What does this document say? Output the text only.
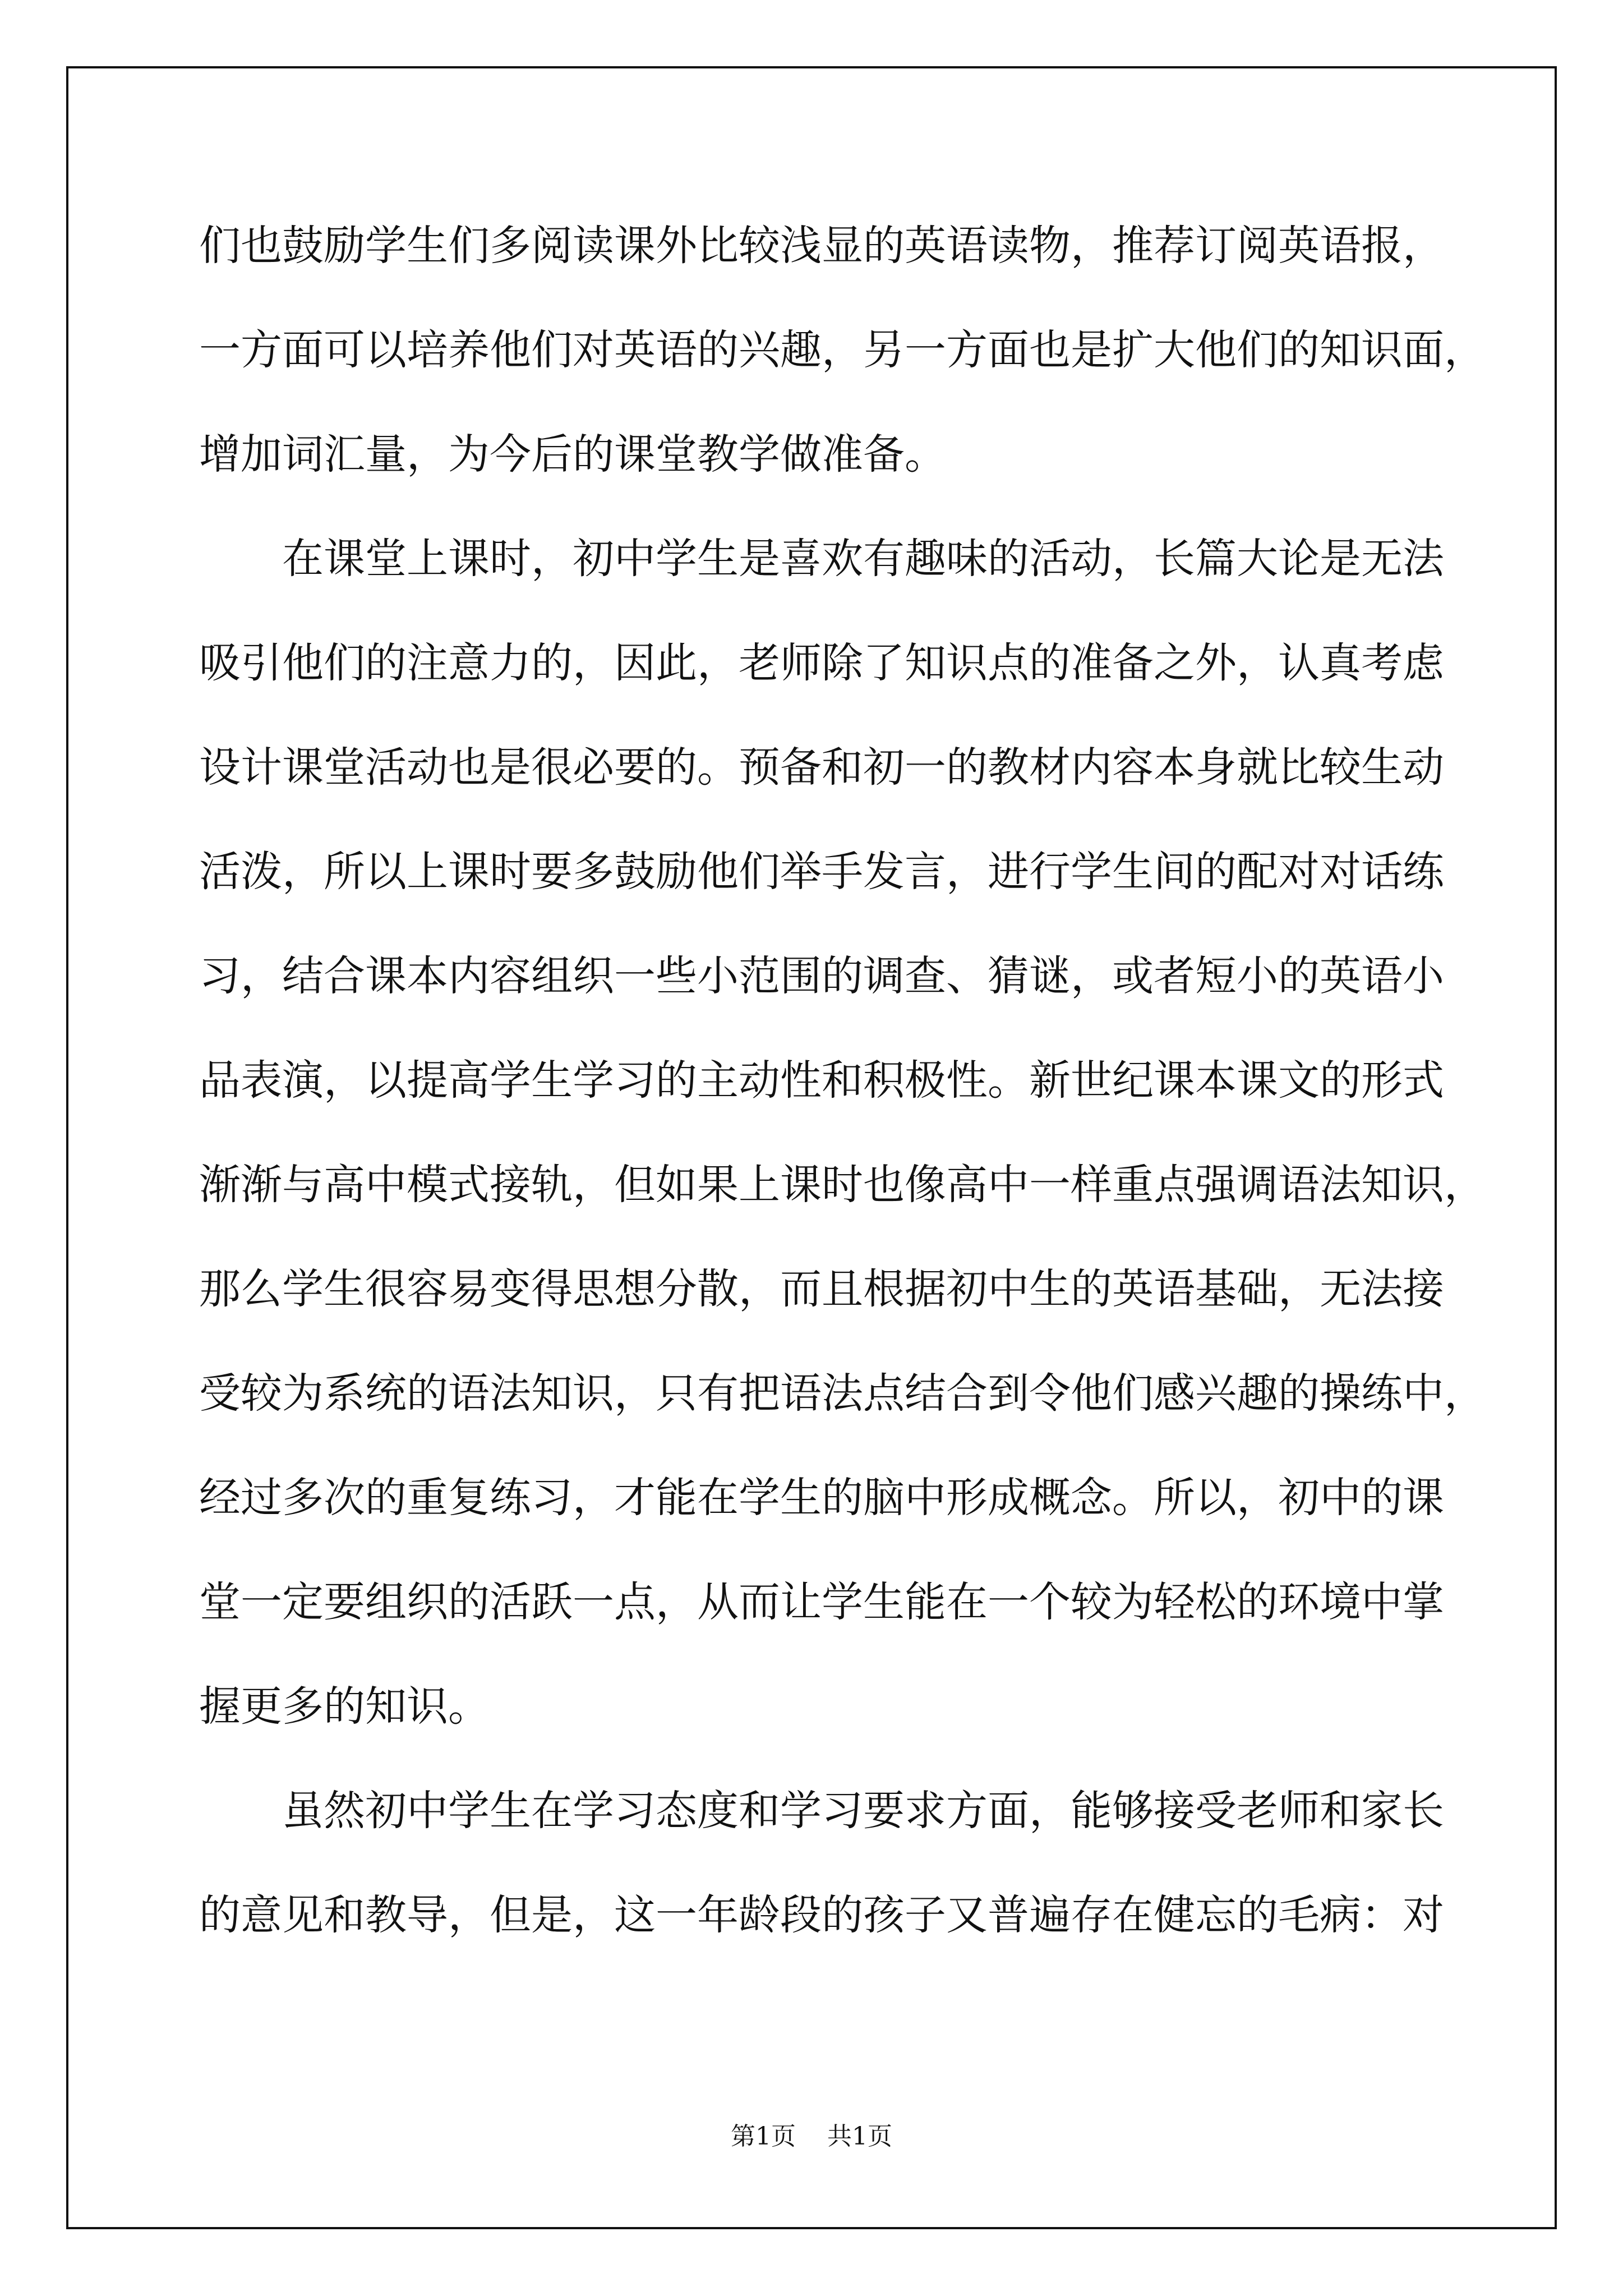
们也鼓励学生们多阅读课外比较浅显的英语读物，推荐订阅英语报，
一方面可以培养他们对英语的兴趣，另一方面也是扩大他们的知识面，
增加词汇量，为今后的课堂教学做准备。
在课堂上课时，初中学生是喜欢有趣味的活动，长篇大论是无法
吸引他们的注意力的，因此，老师除了知识点的准备之外，认真考虑
设计课堂活动也是很必要的。预备和初一的教材内容本身就比较生动
活泼，所以上课时要多鼓励他们举手发言，进行学生间的配对对话练
习，结合课本内容组织一些小范围的调查、猜谜，或者短小的英语小
品表演，以提高学生学习的主动性和积极性。新世纪课本课文的形式
渐渐与高中模式接轨，但如果上课时也像高中一样重点强调语法知识，
那么学生很容易变得思想分散，而且根据初中生的英语基础，无法接
受较为系统的语法知识，只有把语法点结合到令他们感兴趣的操练中，
经过多次的重复练习，才能在学生的脑中形成概念。所以，初中的课
堂一定要组织的活跃一点，从而让学生能在一个较为轻松的环境中掌
握更多的知识。
虽然初中学生在学习态度和学习要求方面，能够接受老师和家长
的意见和教导，但是，这一年龄段的孩子又普遍存在健忘的毛病：对
第1页 共1页
